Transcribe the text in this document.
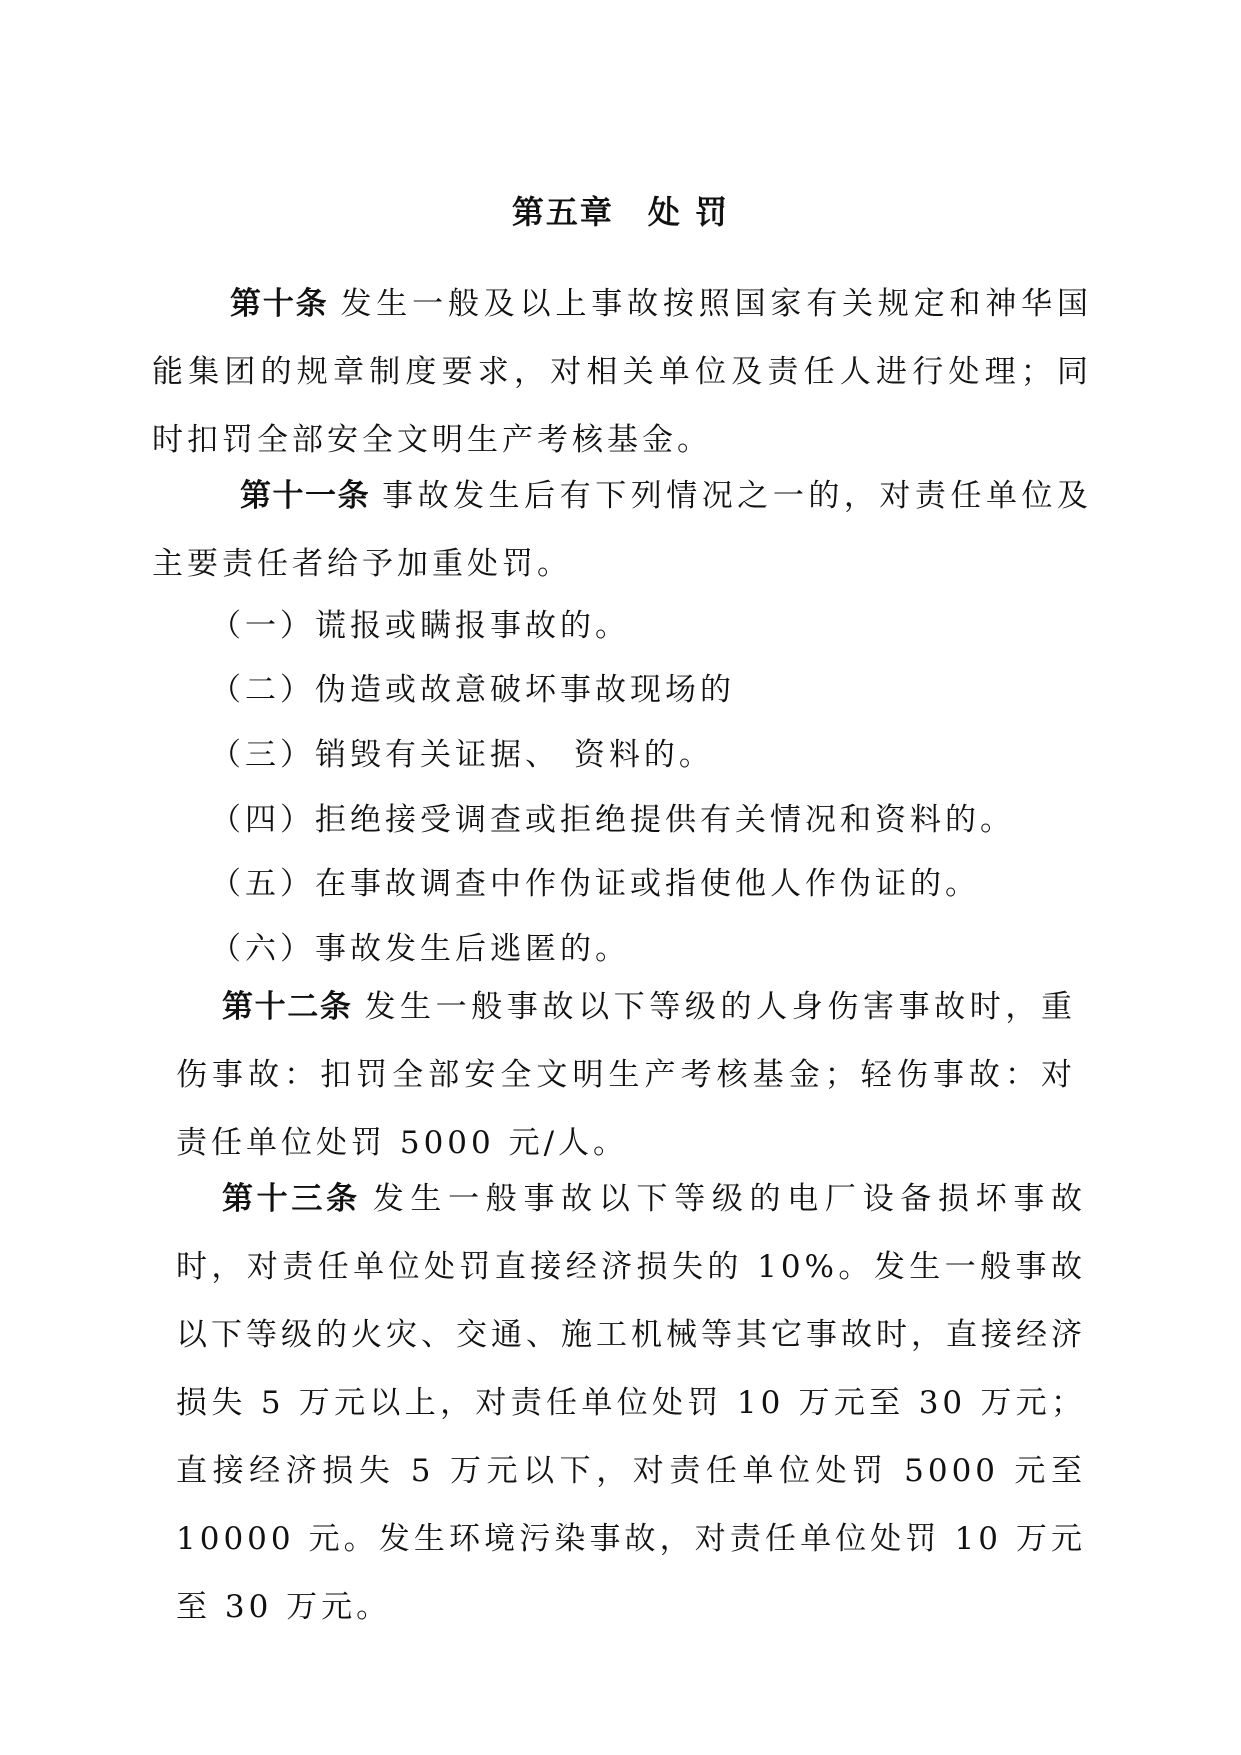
第五章　处 罚
第十条 发生一般及以上事故按照国家有关规定和神华国能集团的规章制度要求，对相关单位及责任人进行处理；同时扣罚全部安全文明生产考核基金。
第十一条 事故发生后有下列情况之一的，对责任单位及主要责任者给予加重处罚。
（一）谎报或瞒报事故的。
（二）伪造或故意破坏事故现场的
（三）销毁有关证据、 资料的。
（四）拒绝接受调查或拒绝提供有关情况和资料的。
（五）在事故调查中作伪证或指使他人作伪证的。
（六）事故发生后逃匿的。
第十二条 发生一般事故以下等级的人身伤害事故时，重伤事故：扣罚全部安全文明生产考核基金；轻伤事故：对责任单位处罚 5000 元/人。
第十三条 发生一般事故以下等级的电厂设备损坏事故时，对责任单位处罚直接经济损失的 10%。发生一般事故以下等级的火灾、交通、施工机械等其它事故时，直接经济损失 5 万元以上，对责任单位处罚 10 万元至 30 万元；直接经济损失 5 万元以下，对责任单位处罚 5000 元至 10000 元。发生环境污染事故，对责任单位处罚 10 万元至 30 万元。
